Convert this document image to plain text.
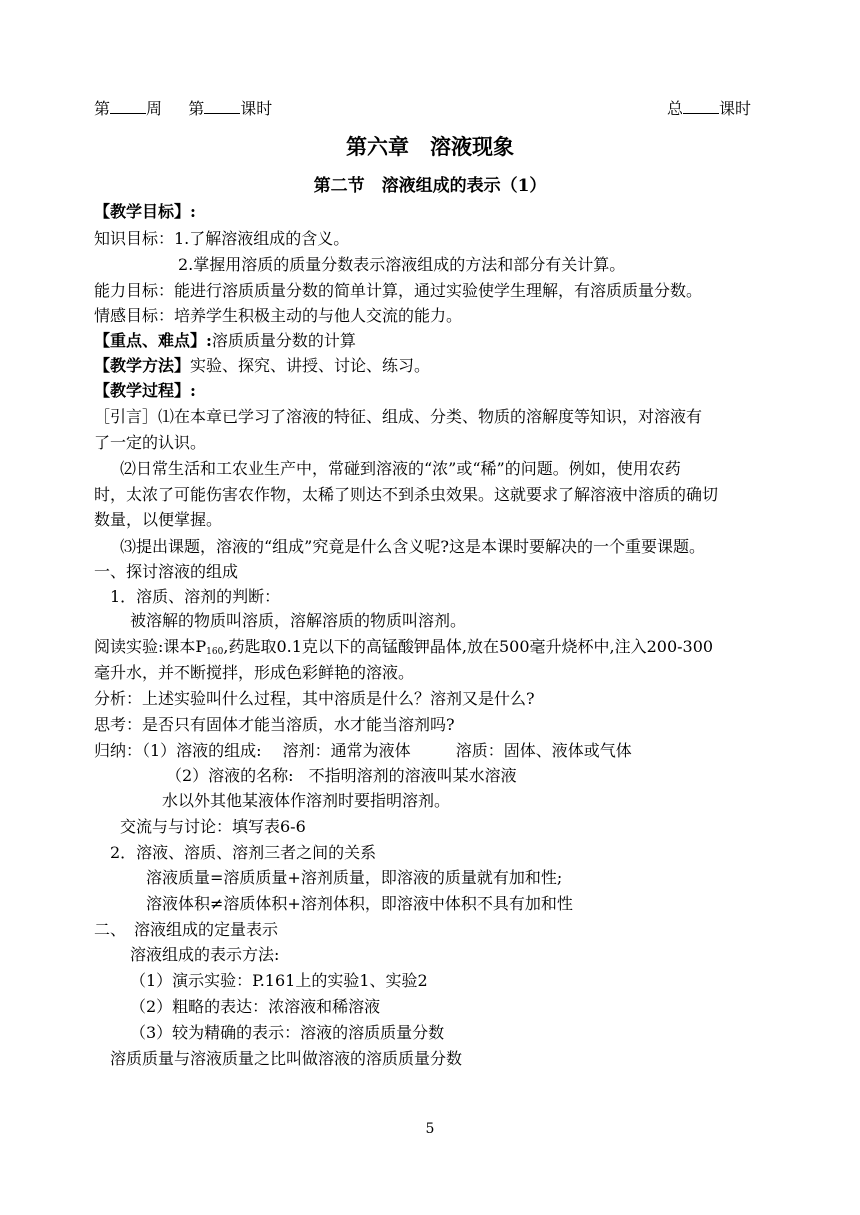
第 周 第 课时	总 课时
第六章　溶液现象
第二节　溶液组成的表示（1）
【教学目标】:
知识目标：1.了解溶液组成的含义。
2.掌握用溶质的质量分数表示溶液组成的方法和部分有关计算。
能力目标：能进行溶质质量分数的简单计算，通过实验使学生理解，有溶质质量分数。
情感目标：培养学生积极主动的与他人交流的能力。
【重点、难点】:溶质质量分数的计算
【教学方法】实验、探究、讲授、讨论、练习。
【教学过程】:
［引言］⑴在本章已学习了溶液的特征、组成、分类、物质的溶解度等知识，对溶液有
了一定的认识。
⑵日常生活和工农业生产中，常碰到溶液的“浓”或“稀”的问题。例如，使用农药
时，太浓了可能伤害农作物，太稀了则达不到杀虫效果。这就要求了解溶液中溶质的确切
数量，以便掌握。
⑶提出课题，溶液的“组成”究竟是什么含义呢?这是本课时要解决的一个重要课题。
一、探讨溶液的组成
1．溶质、溶剂的判断：
被溶解的物质叫溶质，溶解溶质的物质叫溶剂。
阅读实验:课本$P_{160}$,药匙取0.1克以下的高锰酸钾晶体,放在500毫升烧杯中,注入200-300
毫升水，并不断搅拌，形成色彩鲜艳的溶液。
分析：上述实验叫什么过程，其中溶质是什么？溶剂又是什么?
思考：是否只有固体才能当溶质，水才能当溶剂吗?
归纳：（1）溶液的组成: 溶剂：通常为液体	溶质：固体、液体或气体
（2）溶液的名称: 不指明溶剂的溶液叫某水溶液
水以外其他某液体作溶剂时要指明溶剂。
交流与与讨论：填写表6-6
2．溶液、溶质、溶剂三者之间的关系
溶液质量=溶质质量+溶剂质量，即溶液的质量就有加和性;
溶液体积≠溶质体积+溶剂体积，即溶液中体积不具有加和性
二、　溶液组成的定量表示
溶液组成的表示方法:
（1）演示实验：P.161上的实验1、实验2
（2）粗略的表达：浓溶液和稀溶液
（3）较为精确的表示：溶液的溶质质量分数
溶质质量与溶液质量之比叫做溶液的溶质质量分数
5
